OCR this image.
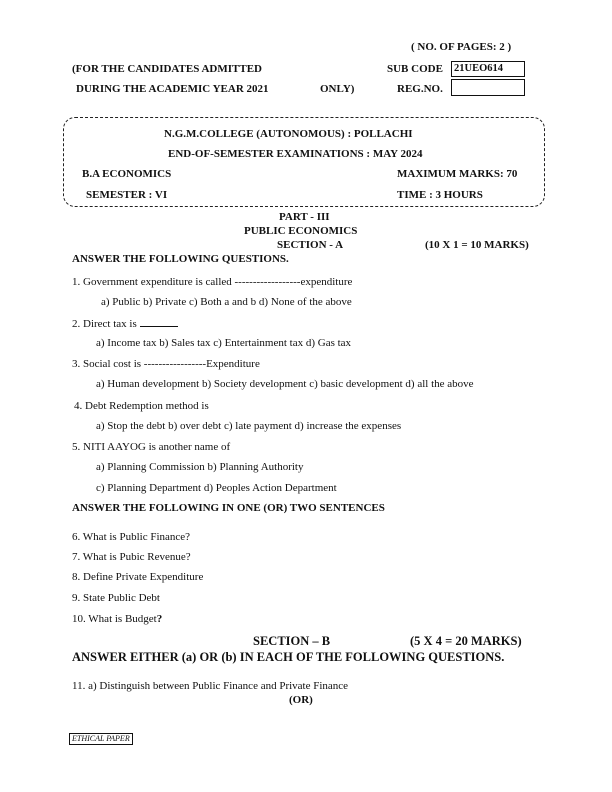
( NO. OF PAGES: 2 )
(FOR THE CANDIDATES ADMITTED	SUB CODE 21UEO614
DURING THE ACADEMIC YEAR 2021	ONLY)	REG.NO.
N.G.M.COLLEGE (AUTONOMOUS) : POLLACHI
END-OF-SEMESTER EXAMINATIONS : MAY 2024
B.A ECONOMICS	MAXIMUM MARKS: 70
SEMESTER : VI	TIME : 3 HOURS
PART - III
PUBLIC ECONOMICS
SECTION - A	(10 X 1 = 10 MARKS)
ANSWER THE FOLLOWING QUESTIONS.
1. Government expenditure is called ------------------expenditure
a) Public b) Private c) Both a and b d) None of the above
2. Direct tax is
a) Income tax b) Sales tax c) Entertainment tax d) Gas tax
3. Social cost is -----------------Expenditure
a) Human development b) Society development c) basic development d) all the above
4. Debt Redemption method is
a) Stop the debt b) over debt c) late payment d) increase the expenses
5. NITI AAYOG is another name of
a) Planning Commission b) Planning Authority
c) Planning Department d) Peoples Action Department
ANSWER THE FOLLOWING IN ONE (OR) TWO SENTENCES
6. What is Public Finance?
7. What is Pubic Revenue?
8. Define Private Expenditure
9. State Public Debt
10. What is Budget?
SECTION – B	(5 X 4 = 20 MARKS)
ANSWER EITHER (a) OR (b) IN EACH OF THE FOLLOWING QUESTIONS.
11. a) Distinguish between Public Finance and Private Finance
(OR)
ETHICAL PAPER
